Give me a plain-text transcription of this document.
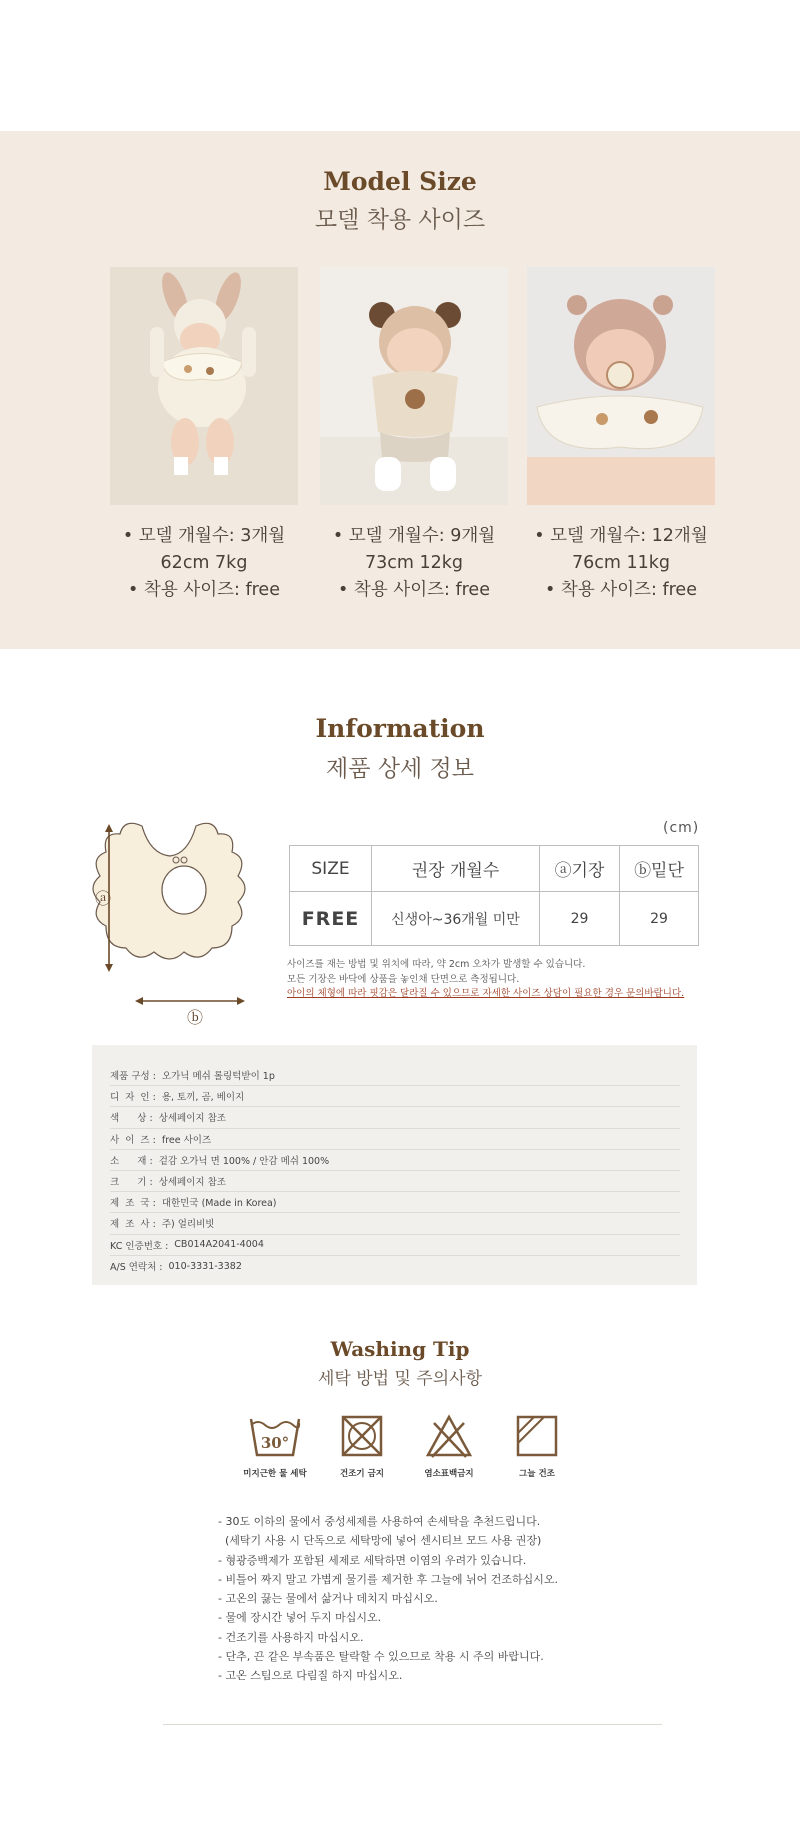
Model Size
모델 착용 사이즈
• 모델 개월수: 3개월
62cm 7kg
• 착용 사이즈: free
• 모델 개월수: 9개월
73cm 12kg
• 착용 사이즈: free
• 모델 개월수: 12개월
76cm 11kg
• 착용 사이즈: free
Information
제품 상세 정보
ⓐ
ⓑ
(cm)
SIZE	권장 개월수	ⓐ기장	ⓑ밑단
FREE	신생아~36개월 미만	29	29
사이즈를 재는 방법 및 위치에 따라, 약 2cm 오차가 발생할 수 있습니다.
모든 기장은 바닥에 상품을 놓인채 단면으로 측정됩니다.
아이의 체형에 따라 핏감은 달라질 수 있으므로 자세한 사이즈 상담이 필요한 경우 문의바랍니다.
제품 구성 : 오가닉 메쉬 롤링턱받이 1p
디  자  인 : 용, 토끼, 곰, 베이지
색      상 : 상세페이지 참조
사  이  즈 : free 사이즈
소      재 : 겉감 오가닉 면 100% / 안감 메쉬 100%
크      기 : 상세페이지 참조
제  조  국 : 대한민국 (Made in Korea)
제  조  사 : 주) 얼리비빗
KC 인증번호 : CB014A2041-4004
A/S 연락처 : 010-3331-3382
Washing Tip
세탁 방법 및 주의사항
30°
미지근한 물 세탁	건조기 금지	염소표백금지	그늘 건조
- 30도 이하의 물에서 중성세제를 사용하여 손세탁을 추천드립니다.
(세탁기 사용 시 단독으로 세탁망에 넣어 센시티브 모드 사용 권장)
- 형광증백제가 포함된 세제로 세탁하면 이염의 우려가 있습니다.
- 비틀어 짜지 말고 가볍게 물기를 제거한 후 그늘에 뉘어 건조하십시오.
- 고온의 끓는 물에서 삶거나 데치지 마십시오.
- 물에 장시간 넣어 두지 마십시오.
- 건조기를 사용하지 마십시오.
- 단추, 끈 같은 부속품은 탈락할 수 있으므로 착용 시 주의 바랍니다.
- 고온 스팀으로 다림질 하지 마십시오.
